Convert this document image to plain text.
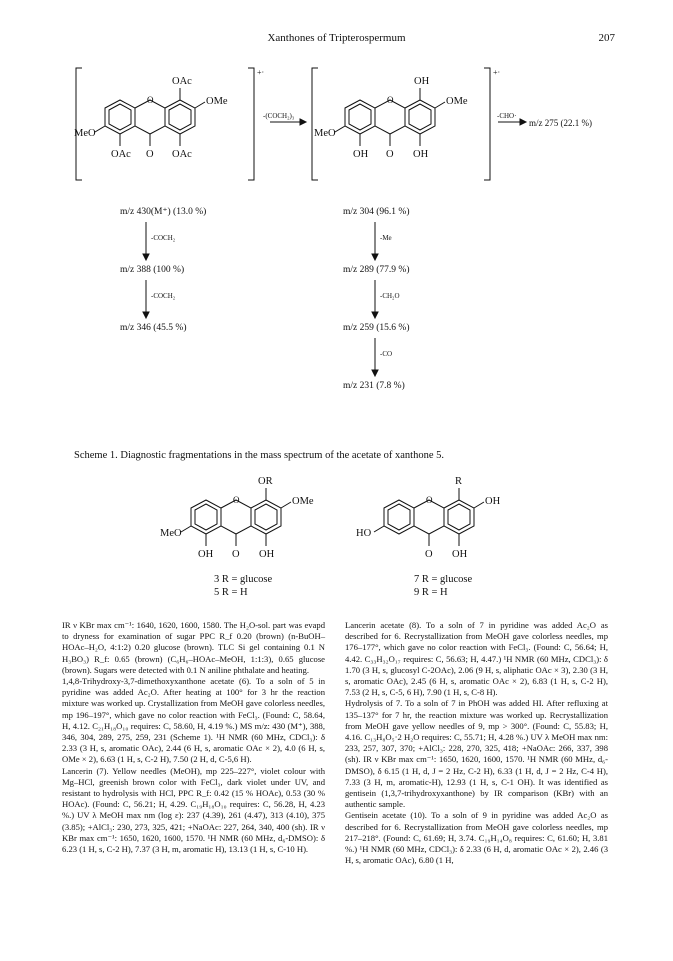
Xanthones of Tripterospermum	207
+·
OAc
OMe
MeO
OAc O OAc
O
-(COCH₂)₃
+·
OH
OMe
MeO
OH O OH
O
-CHO·
m/z 275 (22.1 %)
m/z 430(M⁺) (13.0 %)
-COCH₂
m/z 388 (100 %)
-COCH₂
m/z 346 (45.5 %)
m/z 304 (96.1 %)
-Me
m/z 289 (77.9 %)
-CH₂O
m/z 259 (15.6 %)
-CO
m/z 231 (7.8 %)
Scheme 1. Diagnostic fragmentations in the mass spectrum of the acetate of xanthone 5.
OR
OMe
MeO
OH O OH
O
R
OH
HO
O OH
O
3 R = glucose
5 R = H
7 R = glucose
9 R = H

IR ν KBr max cm⁻¹: 1640, 1620, 1600, 1580. The H₂O-sol. part was evapd to dryness for examination of sugar PPC R_f 0.20 (brown) (n-BuOH–HOAc–H₂O, 4:1:2) 0.20 glucose (brown). TLC Si gel containing 0.1 N H₃BO₃) R_f: 0.65 (brown) (C₆H₆–HOAc–MeOH, 1:1:3), 0.65 glucose (brown). Sugars were detected with 0.1 N aniline phthalate and heating.

1,4,8-Trihydroxy-3,7-dimethoxyxanthone acetate (6). To a soln of 5 in pyridine was added Ac₂O. After heating at 100° for 3 hr the reaction mixture was worked up. Crystallization from MeOH gave colorless needles, mp 196–197°, which gave no color reaction with FeCl₃. (Found: C, 58.64, H, 4.12. C₂₁H₁₈O₁₀ requires: C, 58.60, H, 4.19 %.) MS m/z: 430 (M⁺), 388, 346, 304, 289, 275, 259, 231 (Scheme 1). ¹H NMR (60 MHz, CDCl₃): δ 2.33 (3 H, s, aromatic OAc), 2.44 (6 H, s, aromatic OAc × 2), 4.0 (6 H, s, OMe × 2), 6.63 (1 H, s, C-2 H), 7.50 (2 H, d, C-5,6 H).

Lancerin (7). Yellow needles (MeOH), mp 225–227°, violet colour with Mg–HCl, greenish brown color with FeCl₃, dark violet under UV, and resistant to hydrolysis with HCl, PPC R_f: 0.42 (15 % HOAc), 0.53 (30 % HOAc). (Found: C, 56.21; H, 4.29. C₁₉H₁₈O₁₀ requires: C, 56.28, H, 4.23 %.) UV λ MeOH max nm (log ε): 237 (4.39), 261 (4.47), 313 (4.10), 375 (3.85); +AlCl₃: 230, 273, 325, 421; +NaOAc: 227, 264, 340, 400 (sh). IR ν KBr max cm⁻¹: 1650, 1620, 1600, 1570. ¹H NMR (60 MHz, d₆-DMSO): δ 6.23 (1 H, s, C-2 H), 7.37 (3 H, m, aromatic H), 13.13 (1 H, s, C-10 H).

Lancerin acetate (8). To a soln of 7 in pyridine was added Ac₂O as described for 6. Recrystallization from MeOH gave colorless needles, mp 176–177°, which gave no color reaction with FeCl₃. (Found: C, 56.64; H, 4.42. C₃₃H₃₂O₁₇ requires: C, 56.63; H, 4.47.) ¹H NMR (60 MHz, CDCl₃): δ 1.70 (3 H, s, glucosyl C-2OAc), 2.06 (9 H, s, aliphatic OAc × 3), 2.30 (3 H, s, aromatic OAc), 2.45 (6 H, s, aromatic OAc × 2), 6.83 (1 H, s, C-2 H), 7.53 (2 H, s, C-5, 6 H), 7.90 (1 H, s, C-8 H).

Hydrolysis of 7. To a soln of 7 in PhOH was added HI. After refluxing at 135–137° for 7 hr, the reaction mixture was worked up. Recrystallization from MeOH gave yellow needles of 9, mp > 300°. (Found: C, 55.83; H, 4.16. C₁₃H₈O₅·2 H₂O requires: C, 55.71; H, 4.28 %.) UV λ MeOH max nm: 233, 257, 307, 370; +AlCl₃: 228, 270, 325, 418; +NaOAc: 266, 337, 398 (sh). IR ν KBr max cm⁻¹: 1650, 1620, 1600, 1570. ¹H NMR (60 MHz, d₆-DMSO), δ 6.15 (1 H, d, J = 2 Hz, C-2 H), 6.33 (1 H, d, J = 2 Hz, C-4 H), 7.33 (3 H, m, aromatic-H), 12.93 (1 H, s, C-1 OH). It was identified as gentisein (1,3,7-trihydroxyxanthone) by IR comparison (KBr) with an authentic sample.

Gentisein acetate (10). To a soln of 9 in pyridine was added Ac₂O as described for 6. Recrystallization from MeOH gave colorless needles, mp 217–218°. (Found: C, 61.69; H, 3.74. C₁₉H₁₄O₈ requires: C, 61.60; H, 3.81 %.) ¹H NMR (60 MHz, CDCl₃): δ 2.33 (6 H, d, aromatic OAc × 2), 2.46 (3 H, s, aromatic OAc), 6.80 (1 H,
